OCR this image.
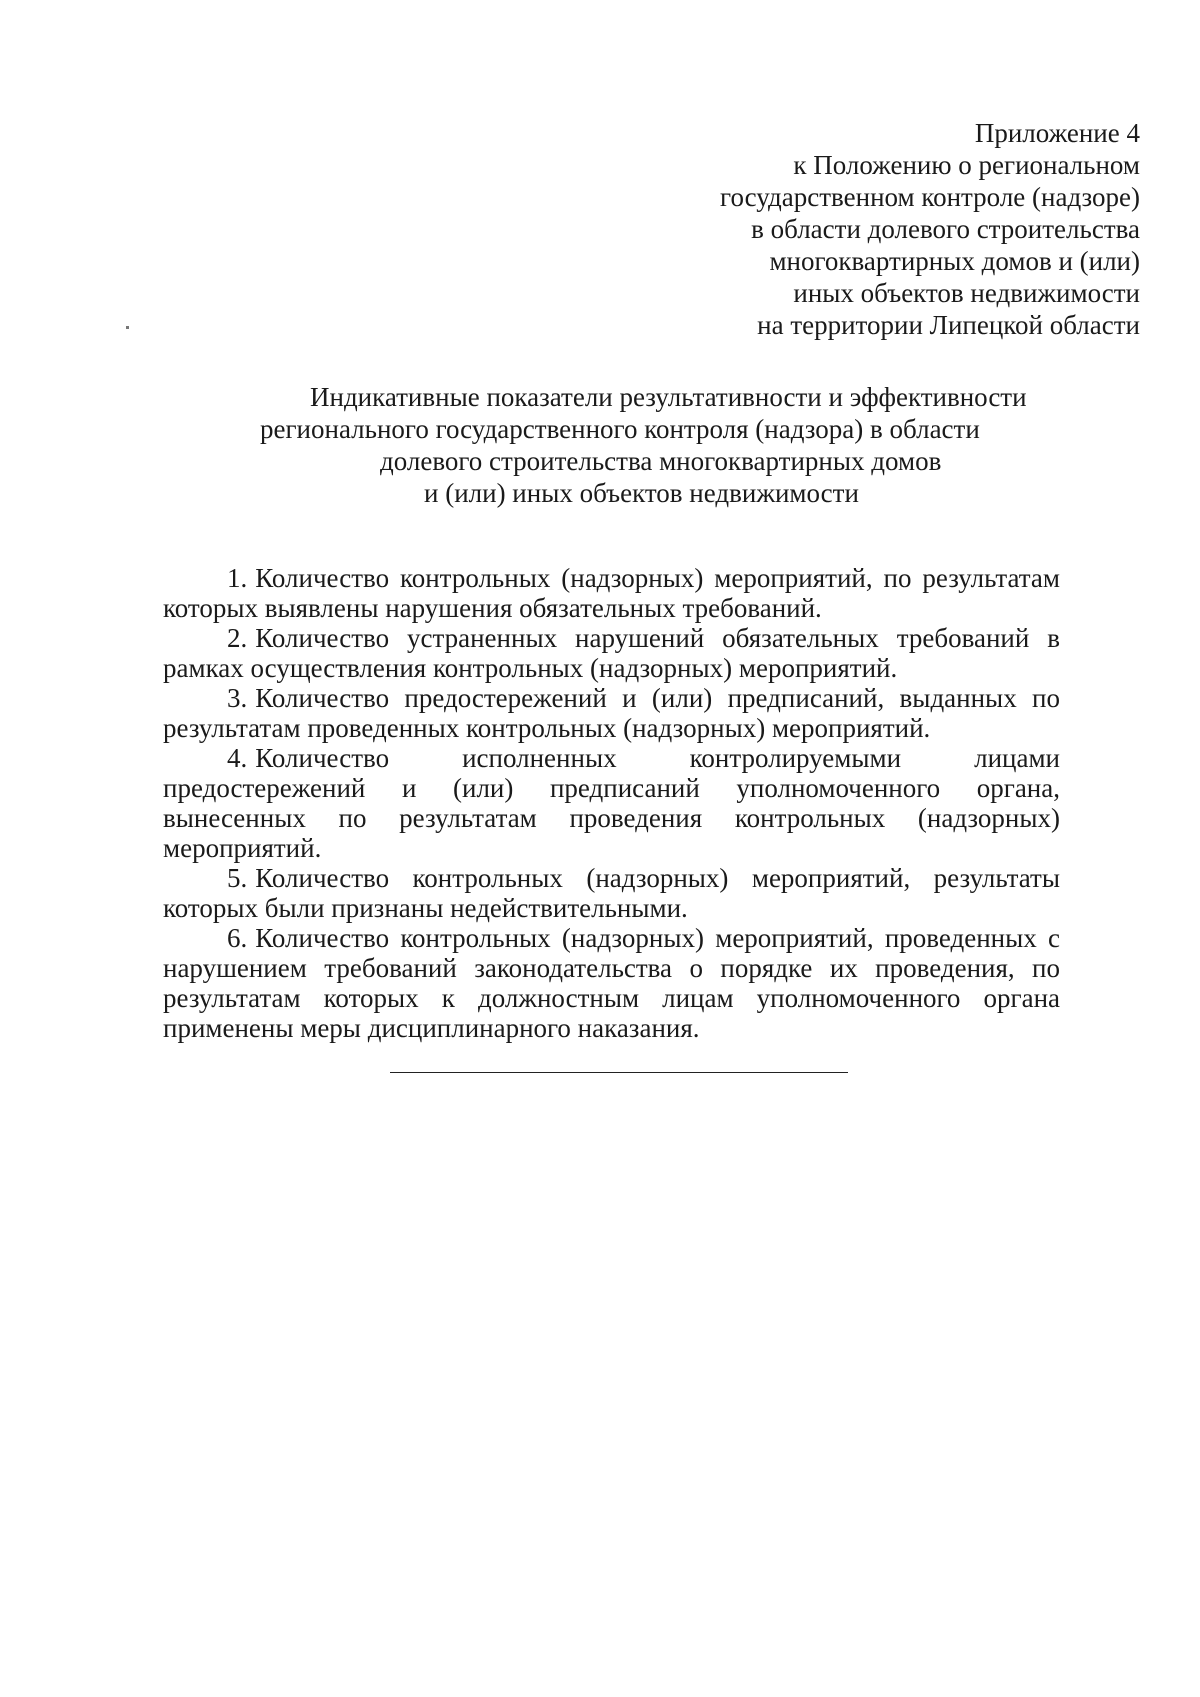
Приложение 4
к Положению о региональном
государственном контроле (надзоре)
в области долевого строительства
многоквартирных домов и (или)
иных объектов недвижимости
на территории Липецкой области
Индикативные показатели результативности и эффективности
регионального государственного контроля (надзора) в области
долевого строительства многоквартирных домов
и (или) иных объектов недвижимости

1. Количество контрольных (надзорных) мероприятий, по результатам которых выявлены нарушения обязательных требований.

2. Количество устраненных нарушений обязательных требований в рамках осуществления контрольных (надзорных) мероприятий.

3. Количество предостережений и (или) предписаний, выданных по результатам проведенных контрольных (надзорных) мероприятий.

4. Количество исполненных контролируемыми лицами предостережений и (или) предписаний уполномоченного органа, вынесенных по результатам проведения контрольных (надзорных) мероприятий.

5. Количество контрольных (надзорных) мероприятий, результаты которых были признаны недействительными.

6. Количество контрольных (надзорных) мероприятий, проведенных с нарушением требований законодательства о порядке их проведения, по результатам которых к должностным лицам уполномоченного органа применены меры дисциплинарного наказания.
